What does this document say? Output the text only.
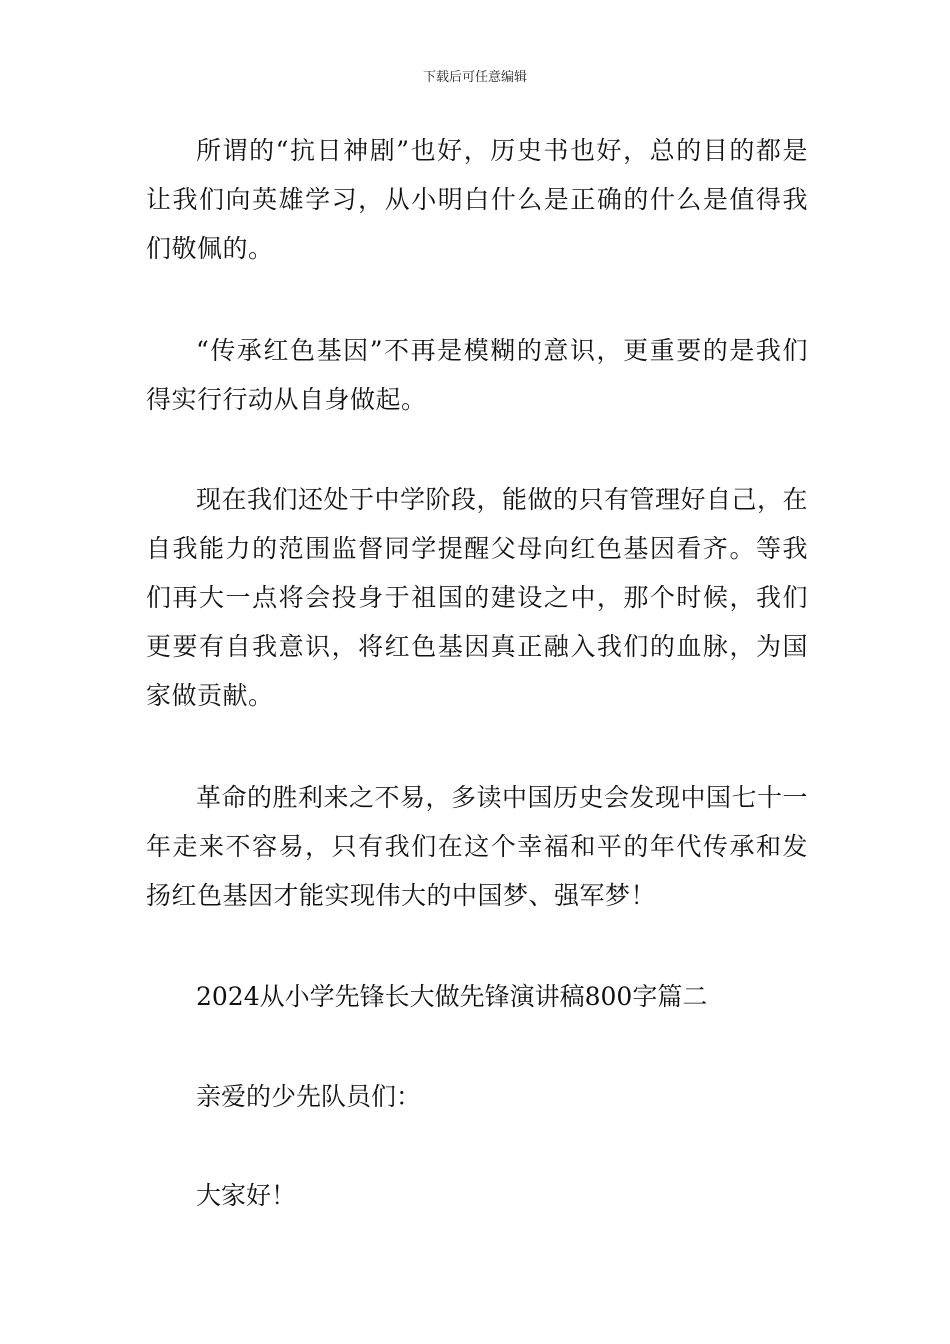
下载后可任意编辑

所谓的“抗日神剧”也好，历史书也好，总的目的都是让我们向英雄学习，从小明白什么是正确的什么是值得我们敬佩的。

“传承红色基因”不再是模糊的意识，更重要的是我们得实行行动从自身做起。

现在我们还处于中学阶段，能做的只有管理好自己，在自我能力的范围监督同学提醒父母向红色基因看齐。等我们再大一点将会投身于祖国的建设之中，那个时候，我们更要有自我意识，将红色基因真正融入我们的血脉，为国家做贡献。

革命的胜利来之不易，多读中国历史会发现中国七十一年走来不容易，只有我们在这个幸福和平的年代传承和发扬红色基因才能实现伟大的中国梦、强军梦！

2024从小学先锋长大做先锋演讲稿800字篇二

亲爱的少先队员们：

大家好！
